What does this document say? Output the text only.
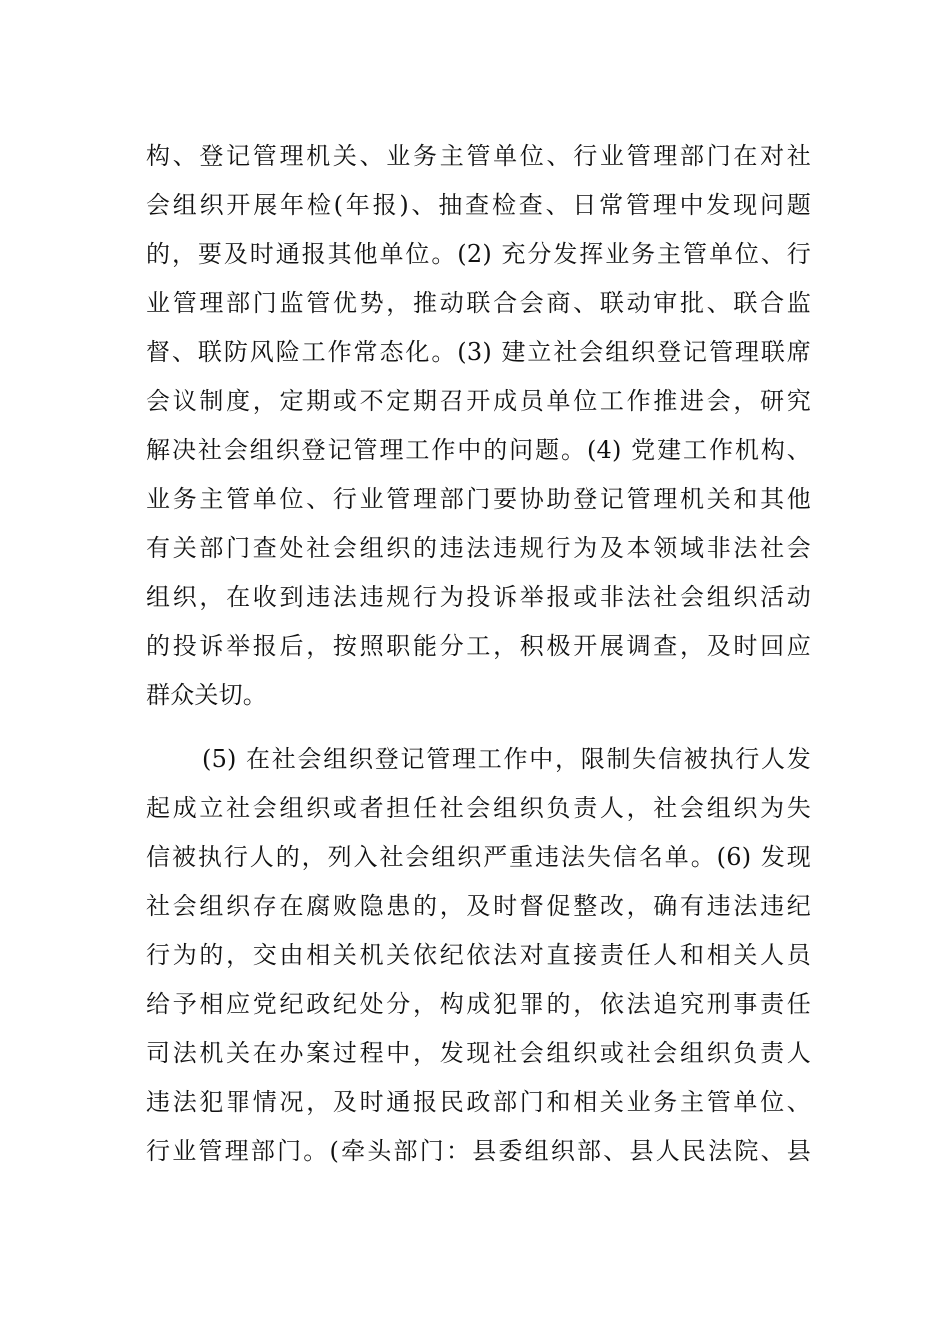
构、登记管理机关、业务主管单位、行业管理部门在对社
会组织开展年检(年报)、抽查检查、日常管理中发现问题
的，要及时通报其他单位。(2) 充分发挥业务主管单位、行
业管理部门监管优势，推动联合会商、联动审批、联合监
督、联防风险工作常态化。(3) 建立社会组织登记管理联席
会议制度，定期或不定期召开成员单位工作推进会，研究
解决社会组织登记管理工作中的问题。(4) 党建工作机构、
业务主管单位、行业管理部门要协助登记管理机关和其他
有关部门查处社会组织的违法违规行为及本领域非法社会
组织，在收到违法违规行为投诉举报或非法社会组织活动
的投诉举报后，按照职能分工，积极开展调查，及时回应
群众关切。
(5) 在社会组织登记管理工作中，限制失信被执行人发
起成立社会组织或者担任社会组织负责人，社会组织为失
信被执行人的，列入社会组织严重违法失信名单。(6) 发现
社会组织存在腐败隐患的，及时督促整改，确有违法违纪
行为的，交由相关机关依纪依法对直接责任人和相关人员
给予相应党纪政纪处分，构成犯罪的，依法追究刑事责任
司法机关在办案过程中，发现社会组织或社会组织负责人
违法犯罪情况，及时通报民政部门和相关业务主管单位、
行业管理部门。(牵头部门：县委组织部、县人民法院、县
